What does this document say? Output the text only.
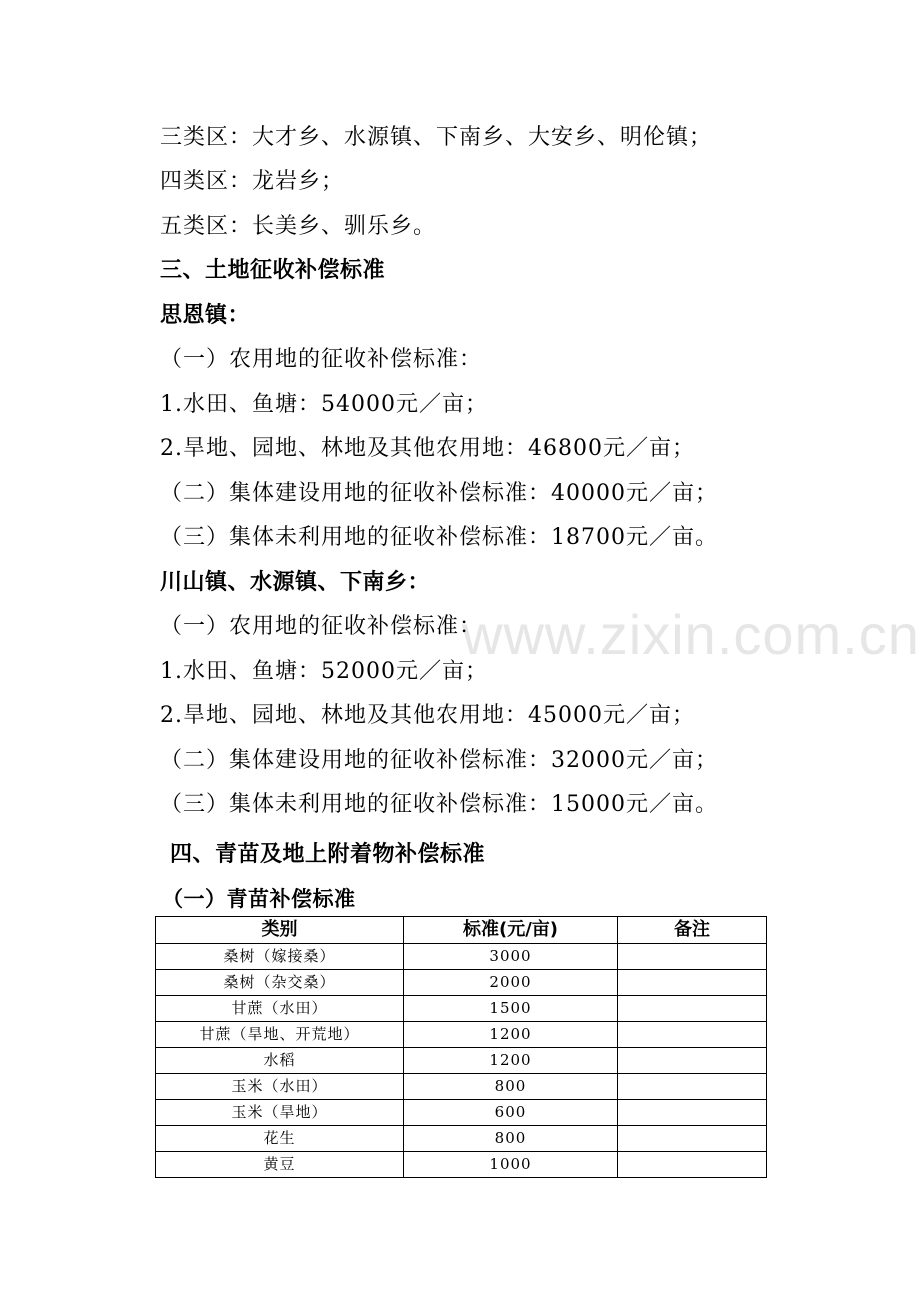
www.zixin.com.cn
三类区：大才乡、水源镇、下南乡、大安乡、明伦镇；
四类区：龙岩乡；
五类区：长美乡、驯乐乡。
三、土地征收补偿标准
思恩镇：
（一）农用地的征收补偿标准：
1.水田、鱼塘：54000元／亩；
2.旱地、园地、林地及其他农用地：46800元／亩；
（二）集体建设用地的征收补偿标准：40000元／亩；
（三）集体未利用地的征收补偿标准：18700元／亩。
川山镇、水源镇、下南乡：
（一）农用地的征收补偿标准：
1.水田、鱼塘：52000元／亩；
2.旱地、园地、林地及其他农用地：45000元／亩；
（二）集体建设用地的征收补偿标准：32000元／亩；
（三）集体未利用地的征收补偿标准：15000元／亩。
四、青苗及地上附着物补偿标准
（一）青苗补偿标准
类别	标准(元/亩)	备注
桑树（嫁接桑）	3000	
桑树（杂交桑）	2000	
甘蔗（水田）	1500	
甘蔗（旱地、开荒地）	1200	
水稻	1200	
玉米（水田）	800	
玉米（旱地）	600	
花生	800	
黄豆	1000	
